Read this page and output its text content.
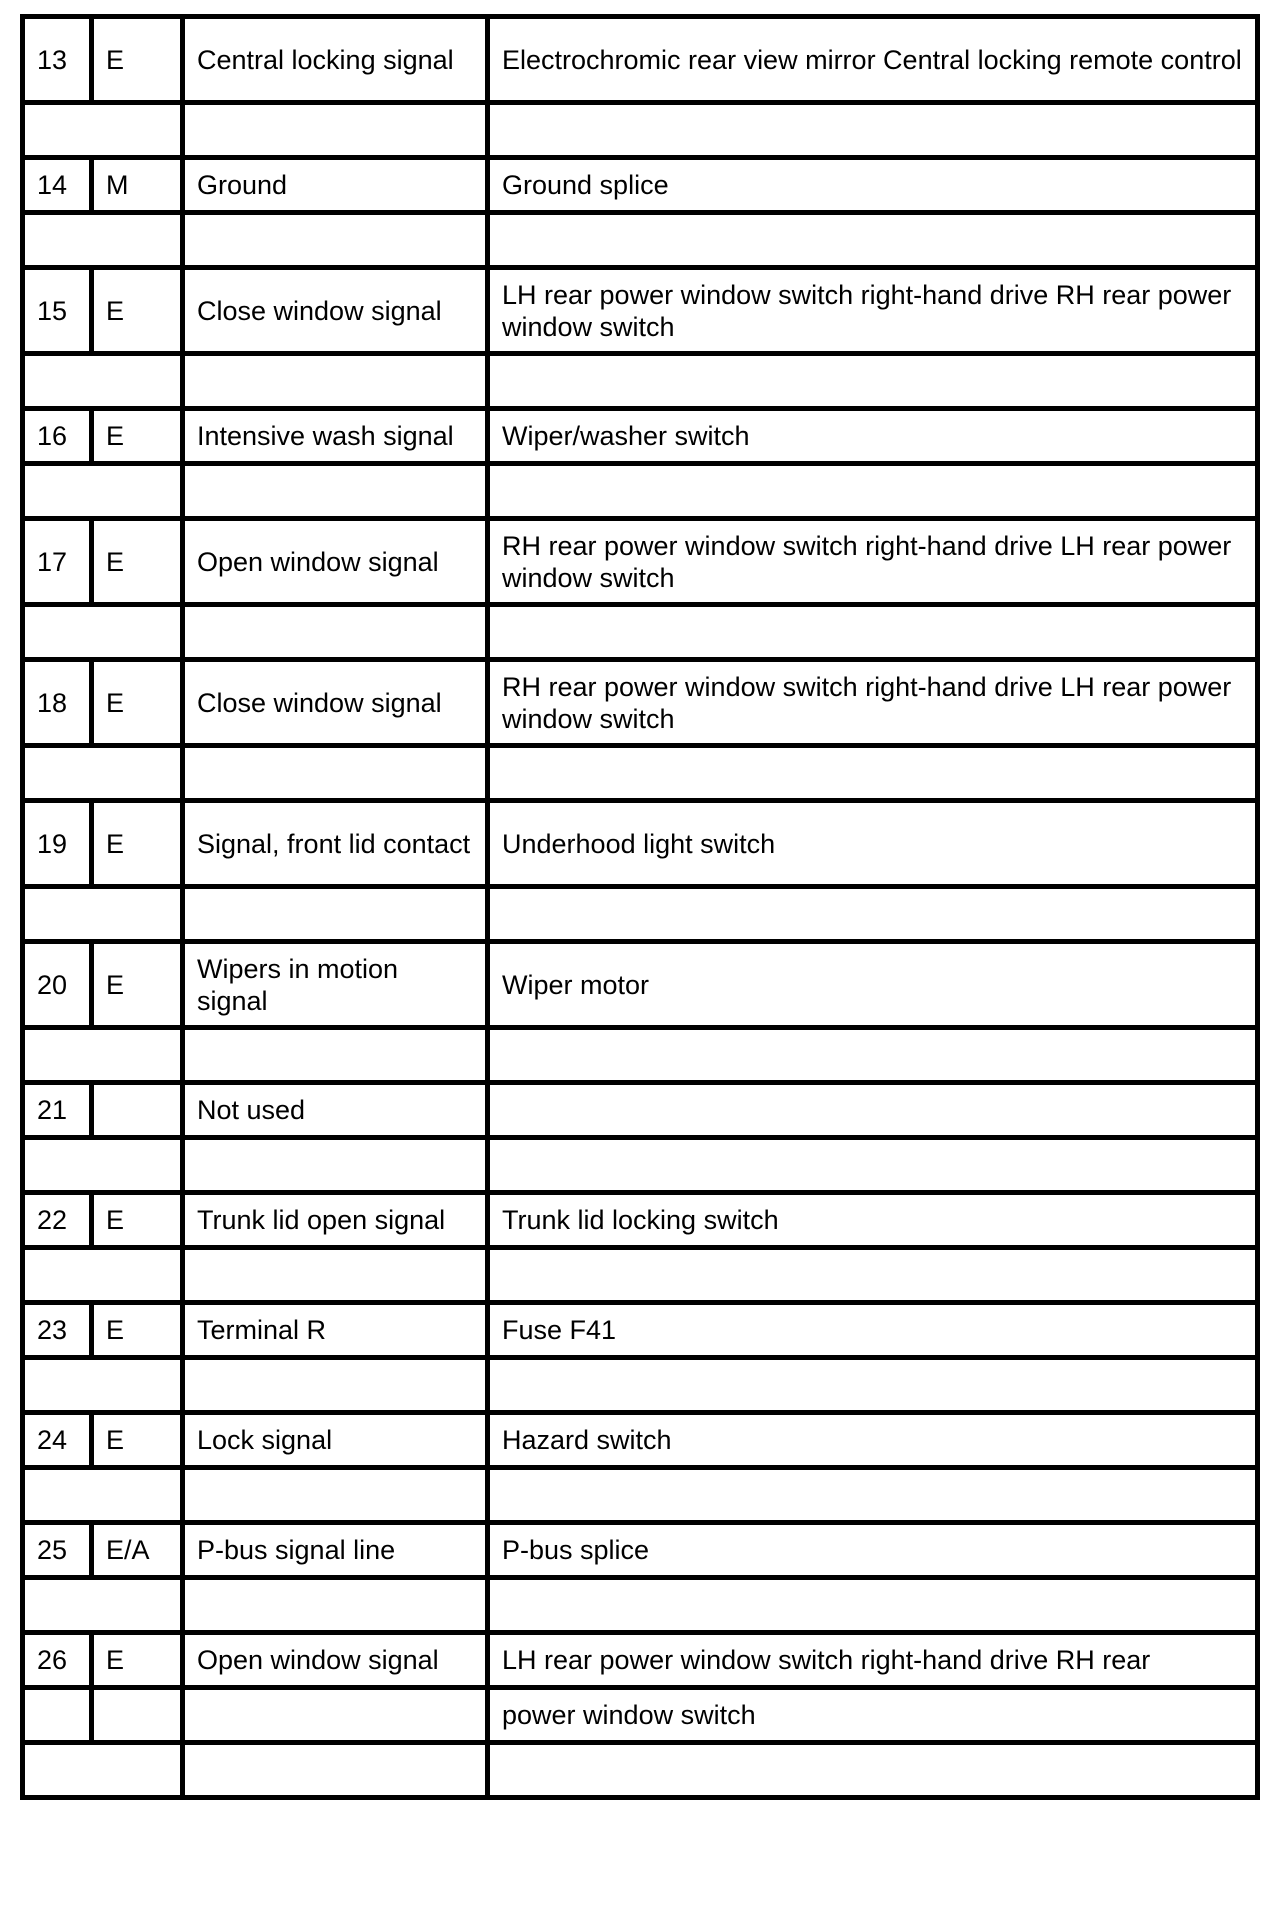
13	E	Central locking signal	Electrochromic rear view mirror Central locking remote control

14	M	Ground	Ground splice

15	E	Close window signal	LH rear power window switch right-hand drive RH rear power window switch

16	E	Intensive wash signal	Wiper/washer switch

17	E	Open window signal	RH rear power window switch right-hand drive LH rear power window switch

18	E	Close window signal	RH rear power window switch right-hand drive LH rear power window switch

19	E	Signal, front lid contact	Underhood light switch

20	E	Wipers in motion signal	Wiper motor

21		Not used	

22	E	Trunk lid open signal	Trunk lid locking switch

23	E	Terminal R	Fuse F41

24	E	Lock signal	Hazard switch

25	E/A	P-bus signal line	P-bus splice

26	E	Open window signal	LH rear power window switch right-hand drive RH rear
			power window switch
